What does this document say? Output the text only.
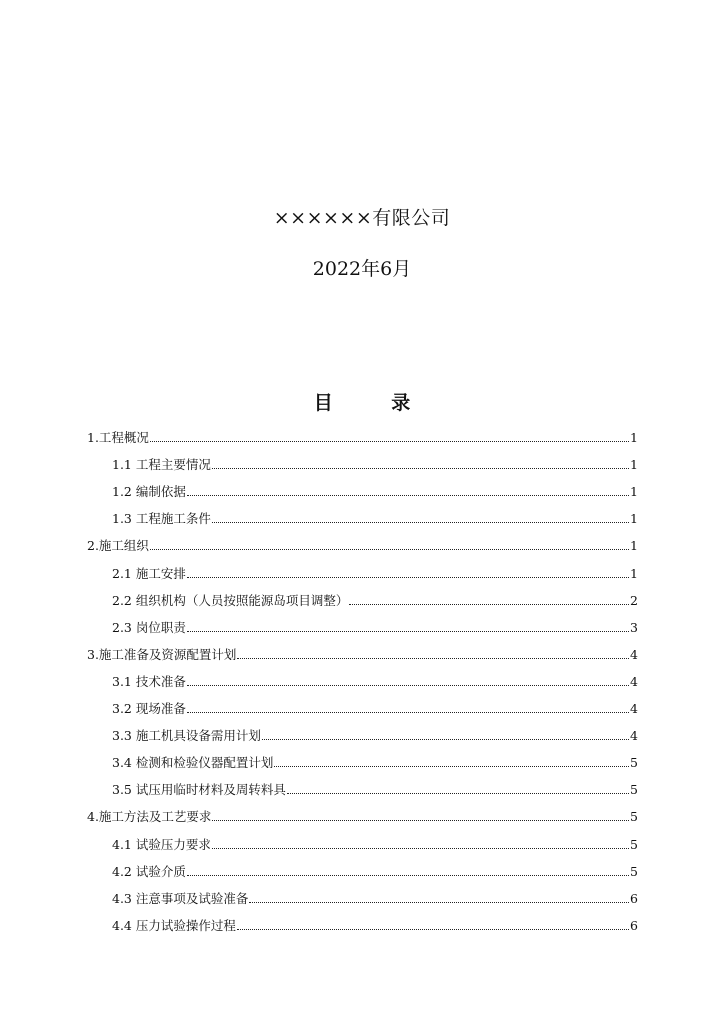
××××××有限公司
2022年6月
目 录
1.工程概况	1
1.1 工程主要情况	1
1.2 编制依据	1
1.3 工程施工条件	1
2.施工组织	1
2.1 施工安排	1
2.2 组织机构（人员按照能源岛项目调整）	2
2.3 岗位职责	3
3.施工准备及资源配置计划	4
3.1 技术准备	4
3.2 现场准备	4
3.3 施工机具设备需用计划	4
3.4 检测和检验仪器配置计划	5
3.5 试压用临时材料及周转料具	5
4.施工方法及工艺要求	5
4.1 试验压力要求	5
4.2 试验介质	5
4.3 注意事项及试验准备	6
4.4 压力试验操作过程	6
